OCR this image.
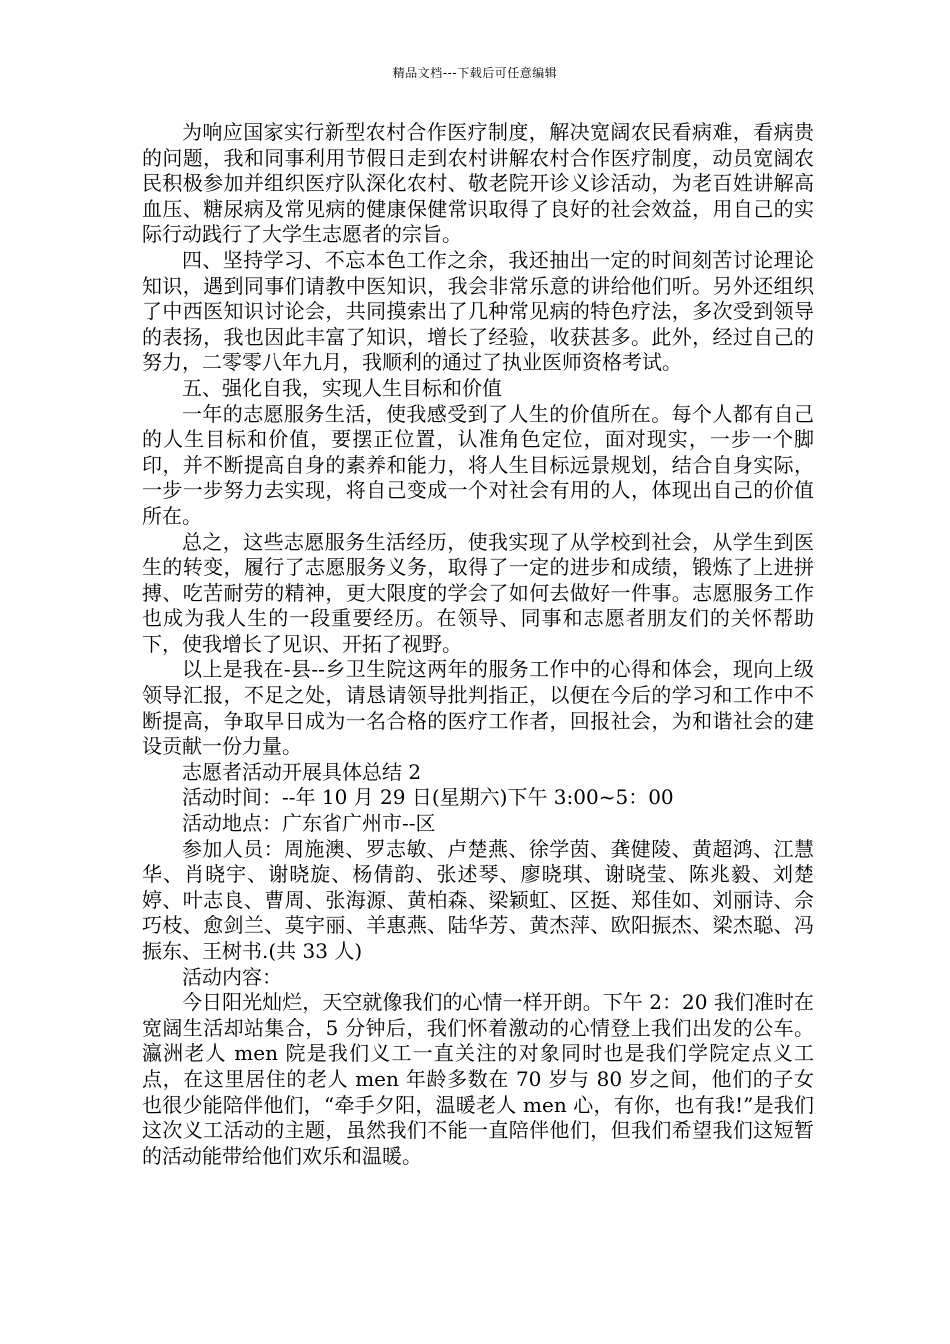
精品文档---下载后可任意编辑

为响应国家实行新型农村合作医疗制度，解决宽阔农民看病难，看病贵的问题，我和同事利用节假日走到农村讲解农村合作医疗制度，动员宽阔农民积极参加并组织医疗队深化农村、敬老院开诊义诊活动，为老百姓讲解高血压、糖尿病及常见病的健康保健常识取得了良好的社会效益，用自己的实际行动践行了大学生志愿者的宗旨。

四、坚持学习、不忘本色工作之余，我还抽出一定的时间刻苦讨论理论知识，遇到同事们请教中医知识，我会非常乐意的讲给他们听。另外还组织了中西医知识讨论会，共同摸索出了几种常见病的特色疗法，多次受到领导的表扬，我也因此丰富了知识，增长了经验，收获甚多。此外，经过自己的努力，二零零八年九月，我顺利的通过了执业医师资格考试。

五、强化自我，实现人生目标和价值

一年的志愿服务生活，使我感受到了人生的价值所在。每个人都有自己的人生目标和价值，要摆正位置，认准角色定位，面对现实，一步一个脚印，并不断提高自身的素养和能力，将人生目标远景规划，结合自身实际，一步一步努力去实现，将自己变成一个对社会有用的人，体现出自己的价值所在。

总之，这些志愿服务生活经历，使我实现了从学校到社会，从学生到医生的转变，履行了志愿服务义务，取得了一定的进步和成绩，锻炼了上进拼搏、吃苦耐劳的精神，更大限度的学会了如何去做好一件事。志愿服务工作也成为我人生的一段重要经历。在领导、同事和志愿者朋友们的关怀帮助下，使我增长了见识、开拓了视野。

以上是我在-县--乡卫生院这两年的服务工作中的心得和体会，现向上级领导汇报，不足之处，请恳请领导批判指正，以便在今后的学习和工作中不断提高，争取早日成为一名合格的医疗工作者，回报社会，为和谐社会的建设贡献一份力量。

志愿者活动开展具体总结 2

活动时间：--年 10 月 29 日(星期六)下午 3:00~5：00

活动地点：广东省广州市--区

参加人员：周施澳、罗志敏、卢楚燕、徐学茵、龚健陵、黄超鸿、江慧华、肖晓宇、谢晓旋、杨倩韵、张述琴、廖晓琪、谢晓莹、陈兆毅、刘楚婷、叶志良、曹周、张海源、黄柏森、梁颖虹、区挺、郑佳如、刘丽诗、佘巧枝、愈剑兰、莫宇丽、羊惠燕、陆华芳、黄杰萍、欧阳振杰、梁杰聪、冯振东、王树书.(共 33 人)

活动内容：

今日阳光灿烂，天空就像我们的心情一样开朗。下午 2：20 我们准时在宽阔生活却站集合，5 分钟后，我们怀着激动的心情登上我们出发的公车。瀛洲老人 men 院是我们义工一直关注的对象同时也是我们学院定点义工点，在这里居住的老人 men 年龄多数在 70 岁与 80 岁之间，他们的子女也很少能陪伴他们，“牵手夕阳，温暖老人 men 心，有你，也有我!”是我们这次义工活动的主题，虽然我们不能一直陪伴他们，但我们希望我们这短暂的活动能带给他们欢乐和温暖。
